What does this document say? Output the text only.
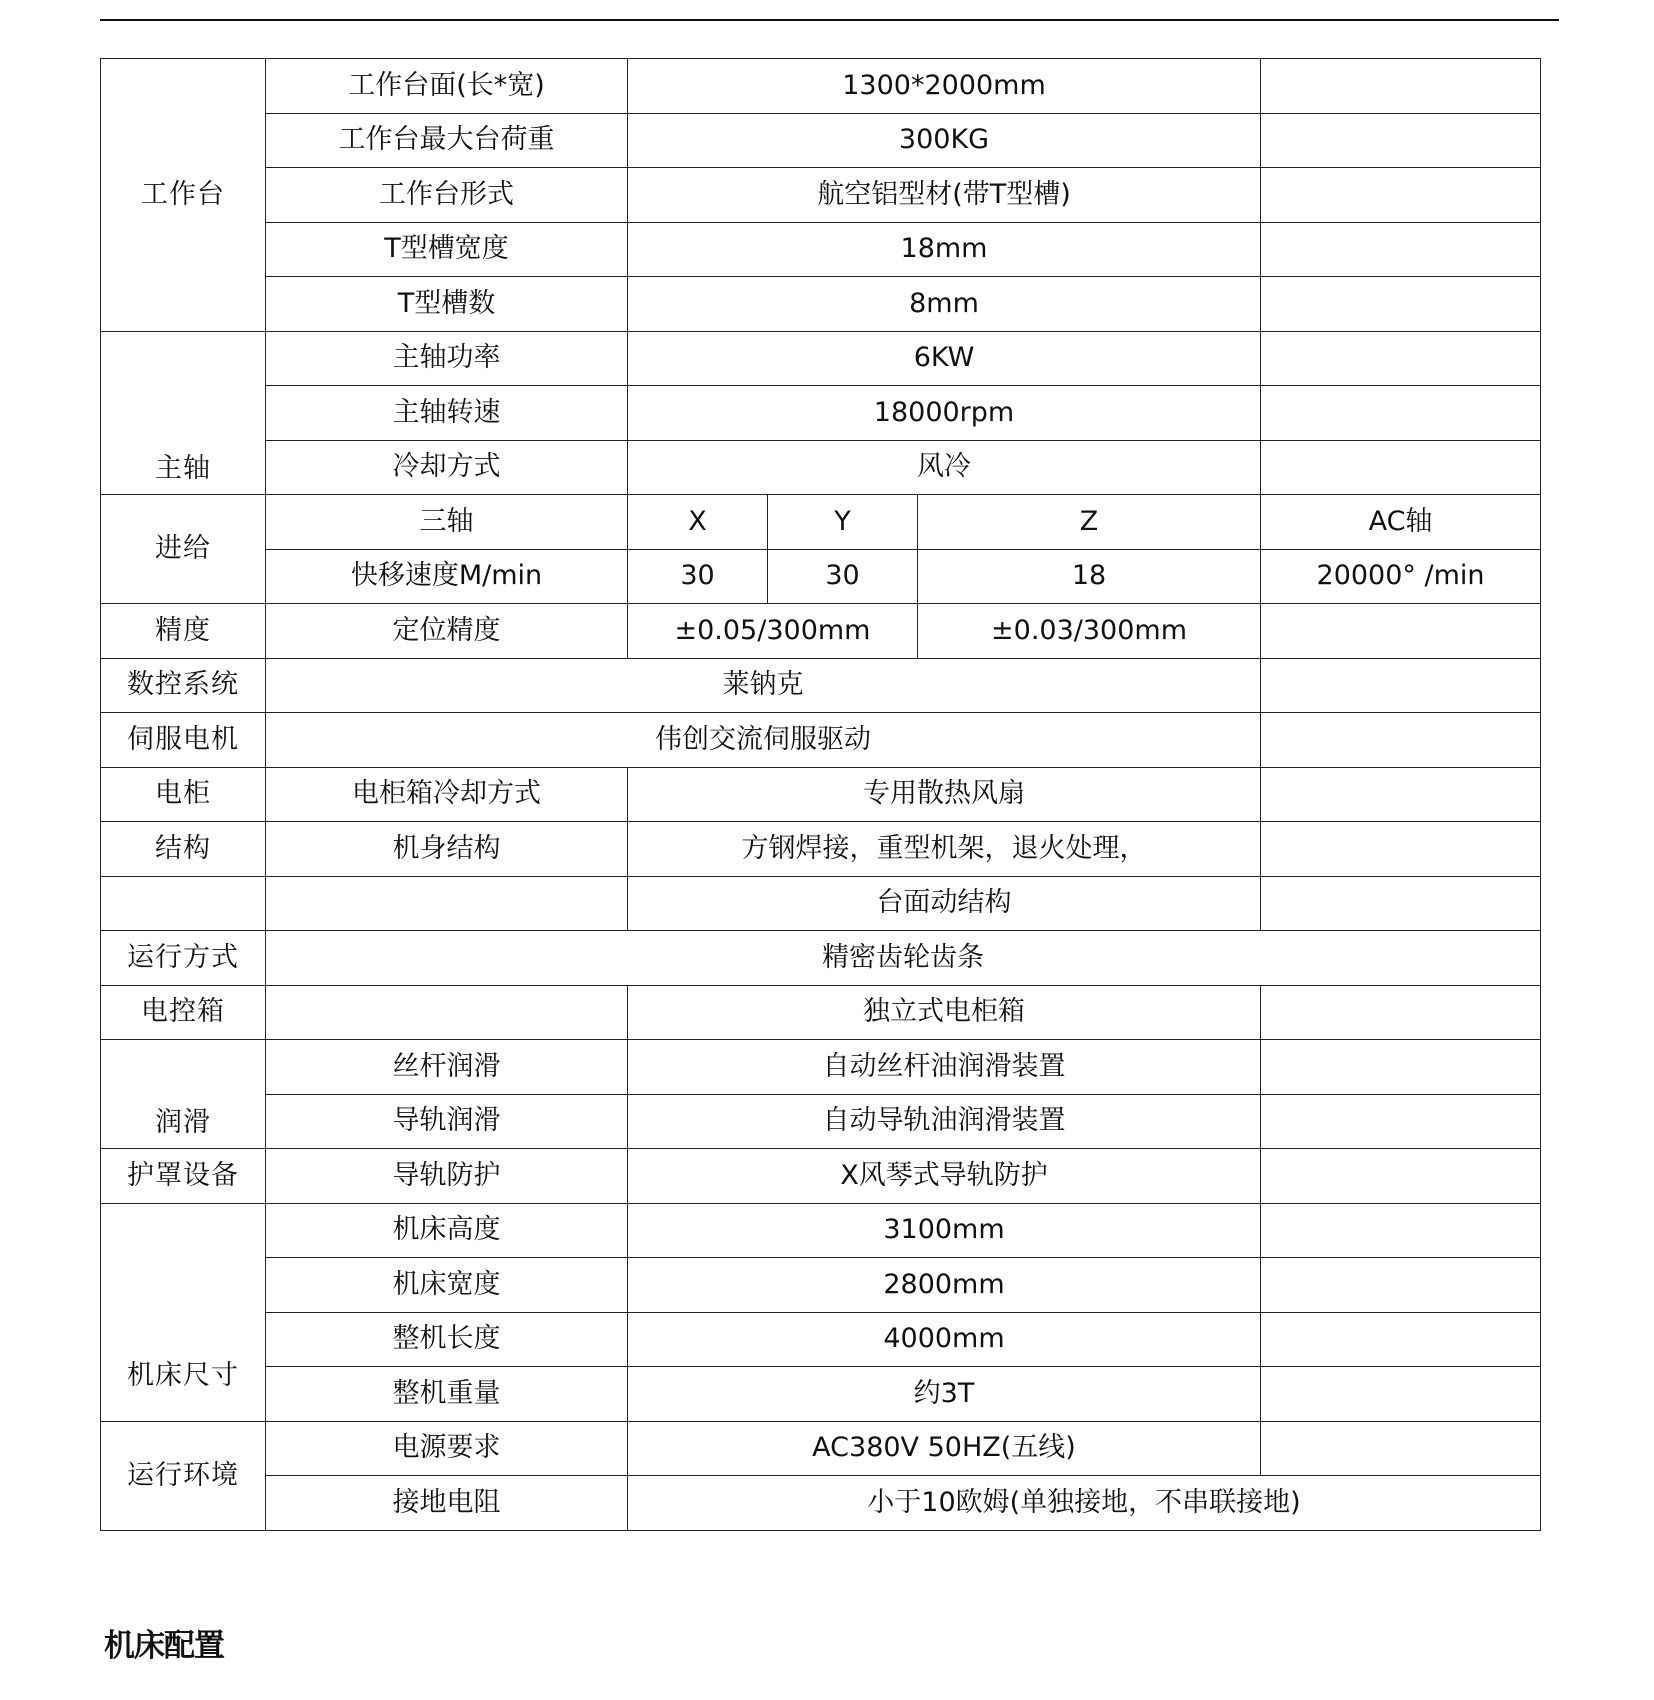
工作台	工作台面(长*宽)	1300*2000mm			
	工作台最大台荷重	300KG			
	工作台形式	航空铝型材(带T型槽)			
	T型槽宽度	18mm			
	T型槽数	8mm			
主轴	主轴功率	6KW			
	主轴转速	18000rpm			
	冷却方式	风冷			
进给	三轴	X	Y	Z	AC轴
	快移速度M/min	30	30	18	20000° /min
精度	定位精度	±0.05/300mm		±0.03/300mm	
数控系统	莱钠克				
伺服电机	伟创交流伺服驱动				
电柜	电柜箱冷却方式	专用散热风扇			
结构	机身结构	方钢焊接，重型机架，退火处理，			
		台面动结构			
运行方式	精密齿轮齿条				
电控箱		独立式电柜箱			
润滑	丝杆润滑	自动丝杆油润滑装置			
	导轨润滑	自动导轨油润滑装置			
护罩设备	导轨防护	X风琴式导轨防护			
机床尺寸	机床高度	3100mm			
	机床宽度	2800mm			
	整机长度	4000mm			
	整机重量	约3T			
运行环境	电源要求	AC380V 50HZ(五线)			
	接地电阻	小于10欧姆(单独接地，不串联接地)			
机床配置
